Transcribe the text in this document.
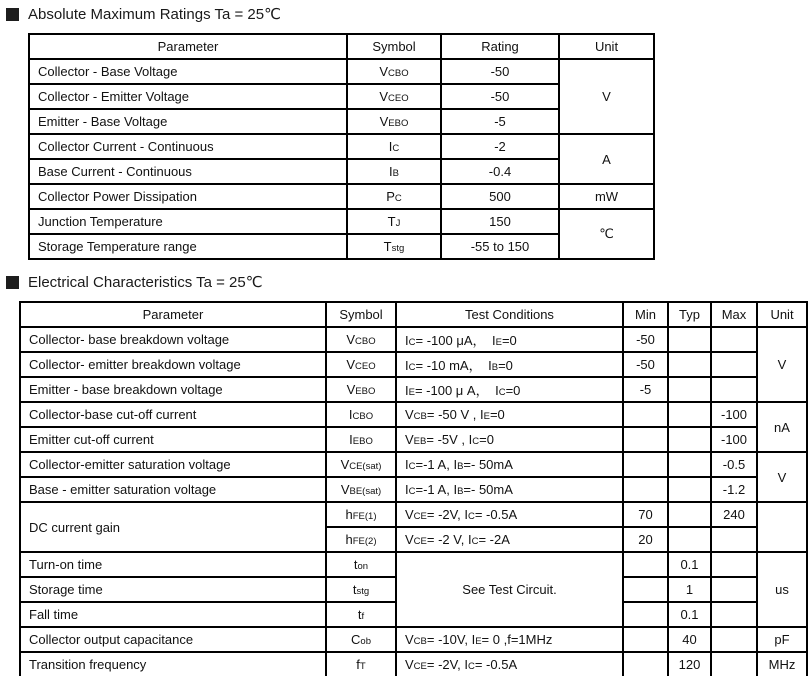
Absolute Maximum Ratings Ta = 25℃
Parameter	Symbol	Rating	Unit
Collector - Base Voltage	VCBO	-50	V
Collector - Emitter Voltage	VCEO	-50	
Emitter - Base Voltage	VEBO	-5	
Collector Current - Continuous	IC	-2	A
Base Current - Continuous	IB	-0.4	
Collector Power Dissipation	PC	500	mW
Junction Temperature	TJ	150	℃
Storage Temperature range	Tstg	-55 to 150	
Electrical Characteristics Ta = 25℃
Parameter	Symbol	Test Conditions	Min	Typ	Max	Unit
Collector- base breakdown voltage	VCBO	IC= -100 μA， IE=0	-50			V
Collector- emitter breakdown voltage	VCEO	IC= -10 mA， IB=0	-50			
Emitter - base breakdown voltage	VEBO	IE= -100 μ A， IC=0	-5			
Collector-base cut-off current	ICBO	VCB= -50 V , IE=0			-100	nA
Emitter cut-off current	IEBO	VEB= -5V , IC=0			-100	
Collector-emitter saturation voltage	VCE(sat)	IC=-1 A, IB=- 50mA			-0.5	V
Base - emitter saturation voltage	VBE(sat)	IC=-1 A, IB=- 50mA			-1.2	
DC current gain	hFE(1)	VCE= -2V, IC= -0.5A	70		240	
	hFE(2)	VCE= -2 V, IC= -2A	20			
Turn-on time	ton	See Test Circuit.		0.1		us
Storage time	tstg			1		
Fall time	tf			0.1		
Collector output capacitance	Cob	VCB= -10V, IE= 0 ,f=1MHz		40		pF
Transition frequency	fT	VCE= -2V, IC= -0.5A		120		MHz
